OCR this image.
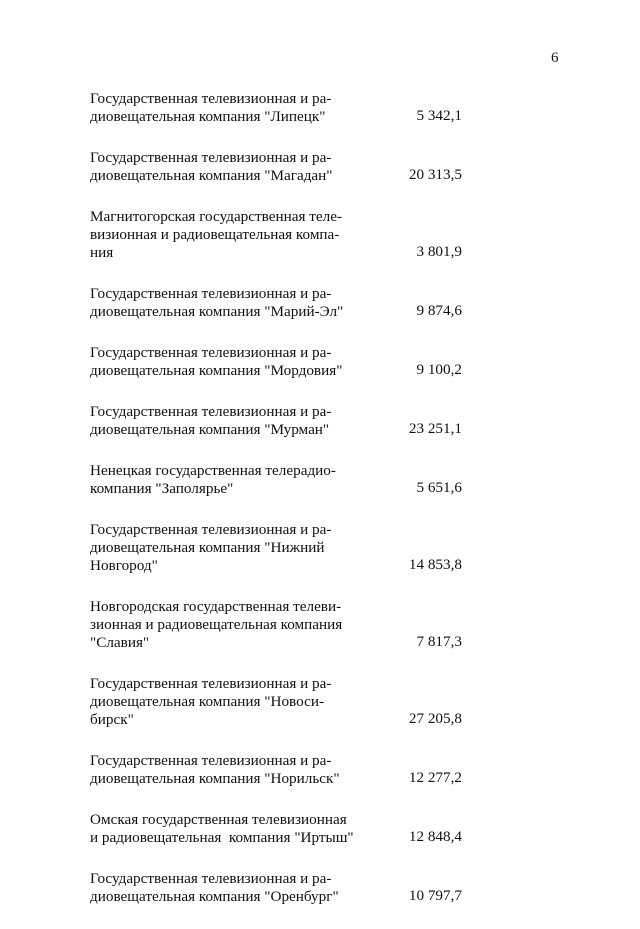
6
Государственная телевизионная и ра-
диовещательная компания "Липецк"	5 342,1
Государственная телевизионная и ра-
диовещательная компания "Магадан"	20 313,5
Магнитогорская государственная теле-
визионная и радиовещательная компа-
ния	3 801,9
Государственная телевизионная и ра-
диовещательная компания "Марий-Эл"	9 874,6
Государственная телевизионная и ра-
диовещательная компания "Мордовия"	9 100,2
Государственная телевизионная и ра-
диовещательная компания "Мурман"	23 251,1
Ненецкая государственная телерадио-
компания "Заполярье"	5 651,6
Государственная телевизионная и ра-
диовещательная компания "Нижний
Новгород"	14 853,8
Новгородская государственная телеви-
зионная и радиовещательная компания
"Славия"	7 817,3
Государственная телевизионная и ра-
диовещательная компания "Новоси-
бирск"	27 205,8
Государственная телевизионная и ра-
диовещательная компания "Норильск"	12 277,2
Омская государственная телевизионная
и радиовещательная  компания "Иртыш"	12 848,4
Государственная телевизионная и ра-
диовещательная компания "Оренбург"	10 797,7
